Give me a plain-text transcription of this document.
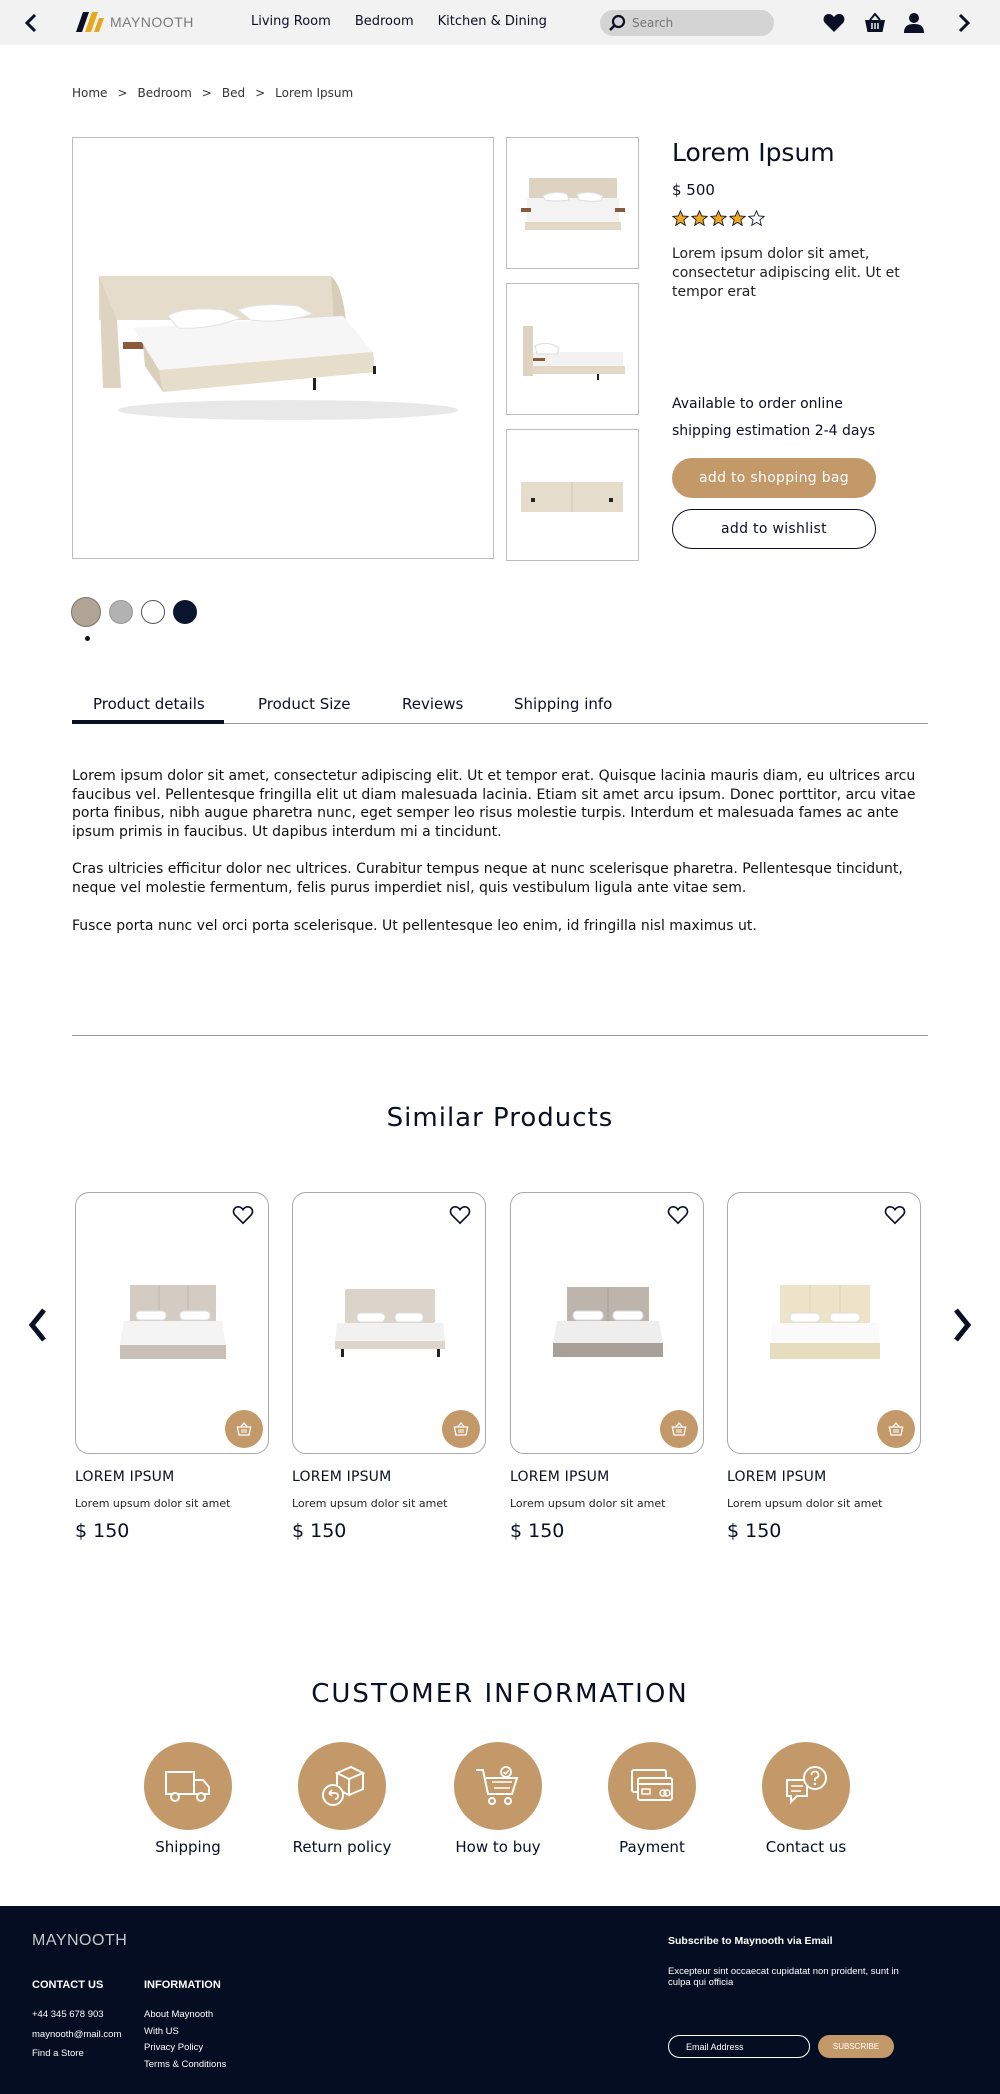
MAYNOOTH	Living Room Bedroom Kitchen & Dining
Search
Home > Bedroom > Bed > Lorem Ipsum
Lorem Ipsum
$ 500
Lorem ipsum dolor sit amet, consectetur adipiscing elit. Ut et tempor erat
Available to order online
shipping estimation 2-4 days
add to shopping bag
add to wishlist
Product details	Product Size	Reviews	Shipping info

Lorem ipsum dolor sit amet, consectetur adipiscing elit. Ut et tempor erat. Quisque lacinia mauris diam, eu ultrices arcu faucibus vel. Pellentesque fringilla elit ut diam malesuada lacinia. Etiam sit amet arcu ipsum. Donec porttitor, arcu vitae porta finibus, nibh augue pharetra nunc, eget semper leo risus molestie turpis. Interdum et malesuada fames ac ante ipsum primis in faucibus. Ut dapibus interdum mi a tincidunt.

Cras ultricies efficitur dolor nec ultrices. Curabitur tempus neque at nunc scelerisque pharetra. Pellentesque tincidunt, neque vel molestie fermentum, felis purus imperdiet nisl, quis vestibulum ligula ante vitae sem.

Fusce porta nunc vel orci porta scelerisque. Ut pellentesque leo enim, id fringilla nisl maximus ut.

Similar Products
LOREM IPSUM
Lorem upsum dolor sit amet
$ 150
LOREM IPSUM
Lorem upsum dolor sit amet
$ 150
LOREM IPSUM
Lorem upsum dolor sit amet
$ 150
LOREM IPSUM
Lorem upsum dolor sit amet
$ 150
CUSTOMER INFORMATION
Shipping	Return policy	How to buy	Payment	Contact us
MAYNOOTH
CONTACT US
+44 345 678 903
maynooth@mail.com
Find a Store
INFORMATION
About Maynooth
With US
Privacy Policy
Terms & Conditions
Subscribe to Maynooth via Email
Excepteur sint occaecat cupidatat non proident, sunt in culpa qui officia
Email Address
SUBSCRIBE
